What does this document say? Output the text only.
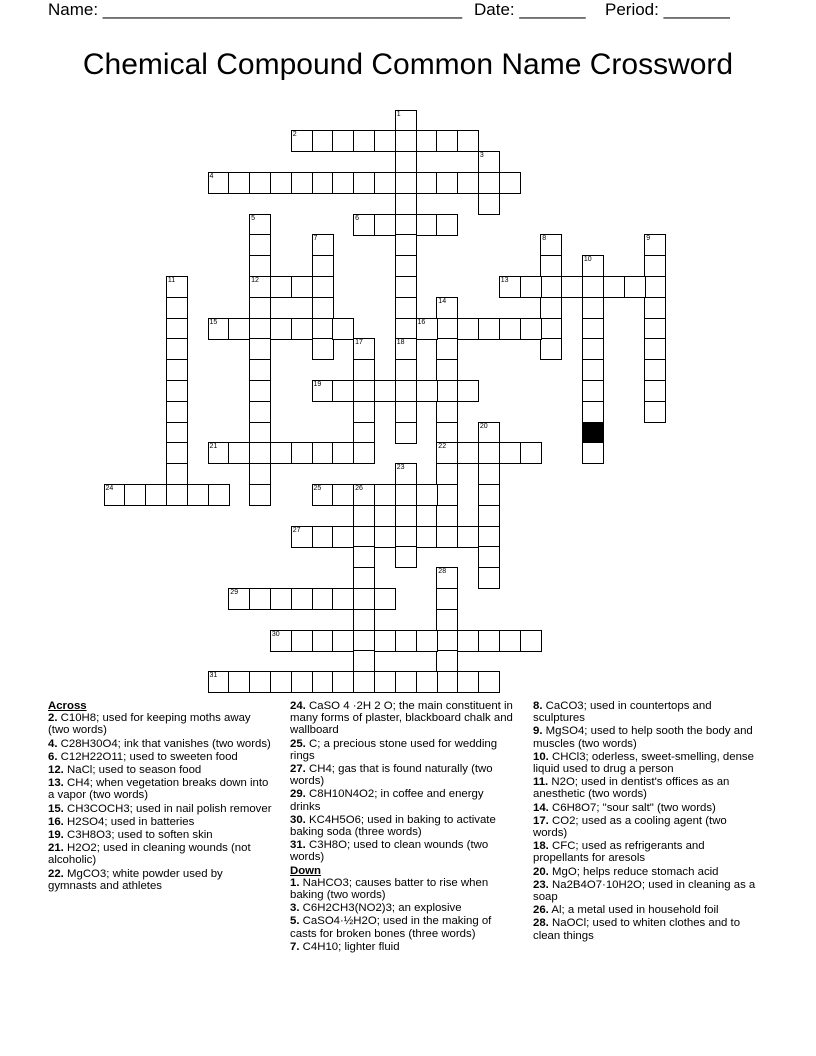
Name: ______________________________________ Date: _______ Period: _______
Chemical Compound Common Name Crossword
1
18
2
3
4
5
12
6
7	8	9
10
11	13
14
22
15	16
17
19
20
21
23
24	25	26
27
28
29
30
31
Across
2. C10H8; used for keeping moths away (two words)
4. C28H30O4; ink that vanishes (two words)
6. C12H22O11; used to sweeten food
12. NaCl; used to season food
13. CH4; when vegetation breaks down into a vapor (two words)
15. CH3COCH3; used in nail polish remover
16. H2SO4; used in batteries
19. C3H8O3; used to soften skin
21. H2O2; used in cleaning wounds (not alcoholic)
22. MgCO3; white powder used by gymnasts and athletes
24. CaSO 4 ·2H 2 O; the main constituent in many forms of plaster, blackboard chalk and wallboard
25. C; a precious stone used for wedding rings
27. CH4; gas that is found naturally (two words)
29. C8H10N4O2; in coffee and energy drinks
30. KC4H5O6; used in baking to activate baking soda (three words)
31. C3H8O; used to clean wounds (two words)
Down
1. NaHCO3; causes batter to rise when baking (two words)
3. C6H2CH3(NO2)3; an explosive
5. CaSO4·½H2O; used in the making of casts for broken bones (three words)
7. C4H10; lighter fluid
8. CaCO3; used in countertops and sculptures
9. MgSO4; used to help sooth the body and muscles (two words)
10. CHCl3; oderless, sweet-smelling, dense liquid used to drug a person
11. N2O; used in dentist's offices as an anesthetic (two words)
14. C6H8O7; "sour salt" (two words)
17. CO2; used as a cooling agent (two words)
18. CFC; used as refrigerants and propellants for aresols
20. MgO; helps reduce stomach acid
23. Na2B4O7·10H2O; used in cleaning as a soap
26. Al; a metal used in household foil
28. NaOCl; used to whiten clothes and to clean things
